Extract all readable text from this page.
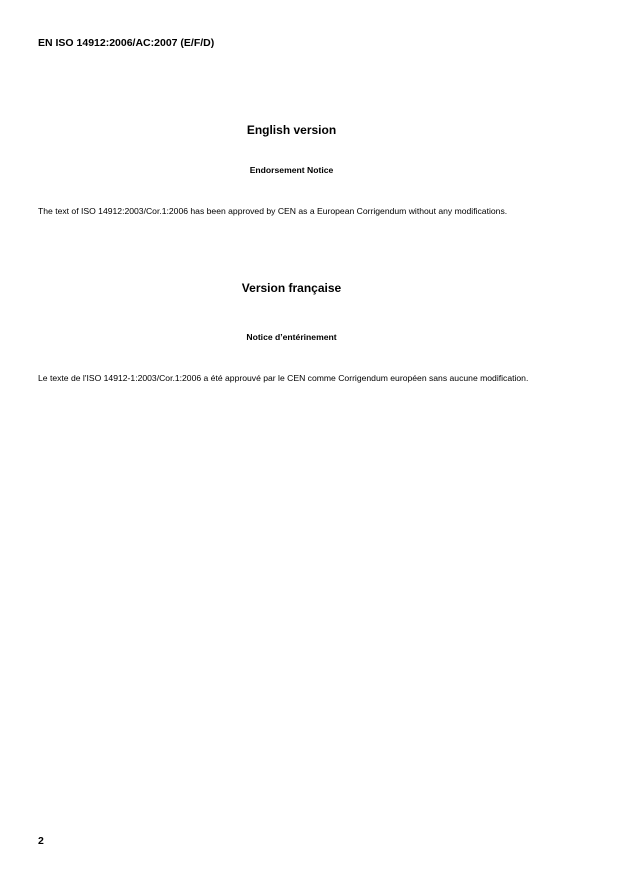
EN ISO 14912:2006/AC:2007 (E/F/D)
English version
Endorsement Notice
The text of ISO 14912:2003/Cor.1:2006 has been approved by CEN as a European Corrigendum without any modifications.
Version française
Notice d’entérinement
Le texte de l'ISO 14912-1:2003/Cor.1:2006 a été approuvé par le CEN comme Corrigendum européen sans aucune modification.
2
